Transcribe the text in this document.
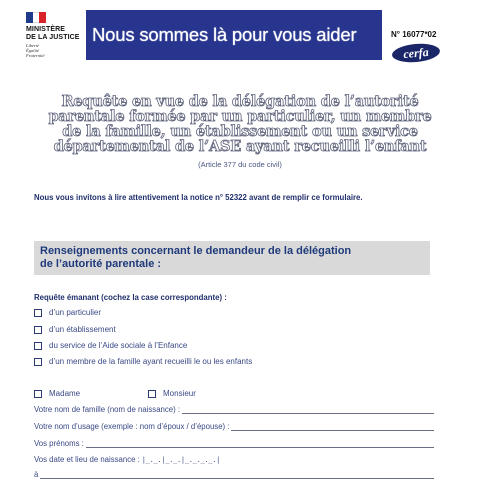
MINISTÈRE
DE LA JUSTICE
Liberté
Égalité
Fraternité
Nous sommes là pour vous aider	N° 16077*02
cerfa
Requête en vue de la délégation de l’autorité
parentale formée par un particulier, un membre
de la famille, un établissement ou un service
départemental de l’ASE ayant recueilli l’enfant
(Article 377 du code civil)
Nous vous invitons à lire attentivement la notice n° 52322 avant de remplir ce formulaire.
Renseignements concernant le demandeur de la délégation
de l’autorité parentale :
Requête émanant (cochez la case correspondante) :
d’un particulier
d’un établissement
du service de l’Aide sociale à l’Enfance
d’un membre de la famille ayant recueilli le ou les enfants
Madame	Monsieur
Votre nom de famille (nom de naissance) :
Votre nom d’usage (exemple : nom d’époux / d’épouse) :
Vos prénoms :
Vos date et lieu de naissance : |_._.|_._.|_._._._.|
à
